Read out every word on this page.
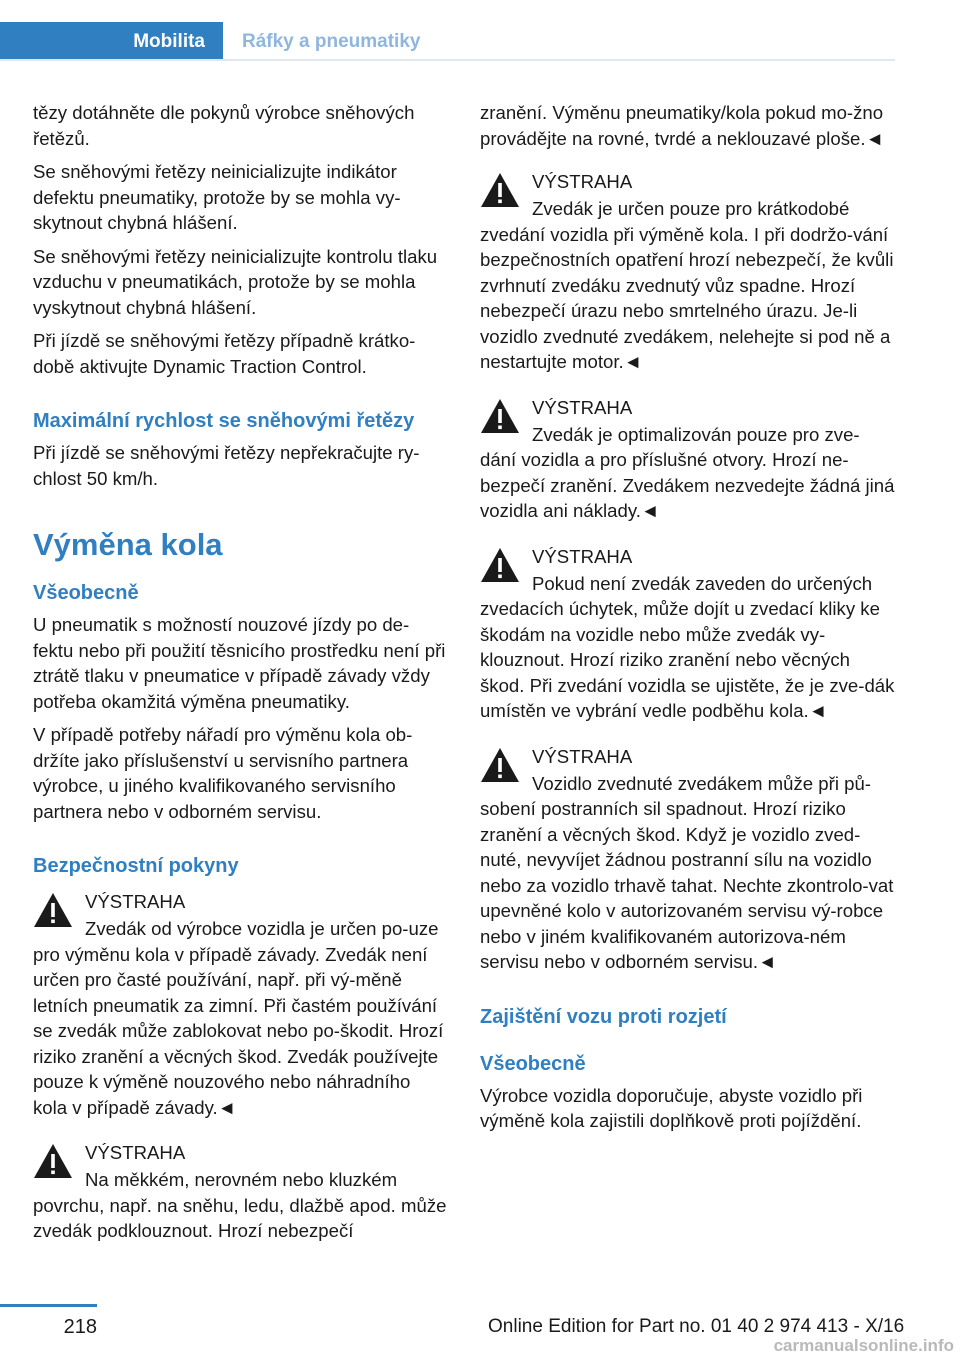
Mobilita	Ráfky a pneumatiky

tězy dotáhněte dle pokynů výrobce sněhových řetězů.

Se sněhovými řetězy neinicializujte indikátor defektu pneumatiky, protože by se mohla vy-skytnout chybná hlášení.

Se sněhovými řetězy neinicializujte kontrolu tlaku vzduchu v pneumatikách, protože by se mohla vyskytnout chybná hlášení.

Při jízdě se sněhovými řetězy případně krátko-době aktivujte Dynamic Traction Control.

Maximální rychlost se sněhovými řetězy

Při jízdě se sněhovými řetězy nepřekračujte ry-chlost 50 km/h.

Výměna kola
Všeobecně

U pneumatik s možností nouzové jízdy po de-fektu nebo při použití těsnicího prostředku není při ztrátě tlaku v pneumatice v případě závady vždy potřeba okamžitá výměna pneumatiky.

V případě potřeby nářadí pro výměnu kola ob-držíte jako příslušenství u servisního partnera výrobce, u jiného kvalifikovaného servisního partnera nebo v odborném servisu.

Bezpečnostní pokyny
VÝSTRAHA

Zvedák od výrobce vozidla je určen po-uze pro výměnu kola v případě závady. Zvedák není určen pro časté používání, např. při vý-měně letních pneumatik za zimní. Při častém používání se zvedák může zablokovat nebo po-škodit. Hrozí riziko zranění a věcných škod. Zvedák používejte pouze k výměně nouzového nebo náhradního kola v případě závady.◄

VÝSTRAHA

Na měkkém, nerovném nebo kluzkém povrchu, např. na sněhu, ledu, dlažbě apod. může zvedák podklouznout. Hrozí nebezpečí

zranění. Výměnu pneumatiky/kola pokud mo-žno provádějte na rovné, tvrdé a neklouzavé ploše.◄

VÝSTRAHA

Zvedák je určen pouze pro krátkodobé zvedání vozidla při výměně kola. I při dodržo-vání bezpečnostních opatření hrozí nebezpečí, že kvůli zvrhnutí zvedáku zvednutý vůz spadne. Hrozí nebezpečí úrazu nebo smrtelného úrazu. Je-li vozidlo zvednuté zvedákem, nelehejte si pod ně a nestartujte motor.◄

VÝSTRAHA

Zvedák je optimalizován pouze pro zve-dání vozidla a pro příslušné otvory. Hrozí ne-bezpečí zranění. Zvedákem nezvedejte žádná jiná vozidla ani náklady.◄

VÝSTRAHA

Pokud není zvedák zaveden do určených zvedacích úchytek, může dojít u zvedací kliky ke škodám na vozidle nebo může zvedák vy-klouznout. Hrozí riziko zranění nebo věcných škod. Při zvedání vozidla se ujistěte, že je zve-dák umístěn ve vybrání vedle podběhu kola.◄

VÝSTRAHA

Vozidlo zvednuté zvedákem může při pů-sobení postranních sil spadnout. Hrozí riziko zranění a věcných škod. Když je vozidlo zved-nuté, nevyvíjet žádnou postranní sílu na vozidlo nebo za vozidlo trhavě tahat. Nechte zkontrolo-vat upevněné kolo v autorizovaném servisu vý-robce nebo v jiném kvalifikovaném autorizova-ném servisu nebo v odborném servisu.◄

Zajištění vozu proti rozjetí
Všeobecně

Výrobce vozidla doporučuje, abyste vozidlo při výměně kola zajistili doplňkově proti pojíždění.

218	Online Edition for Part no. 01 40 2 974 413 - X/16
carmanualsonline.info
